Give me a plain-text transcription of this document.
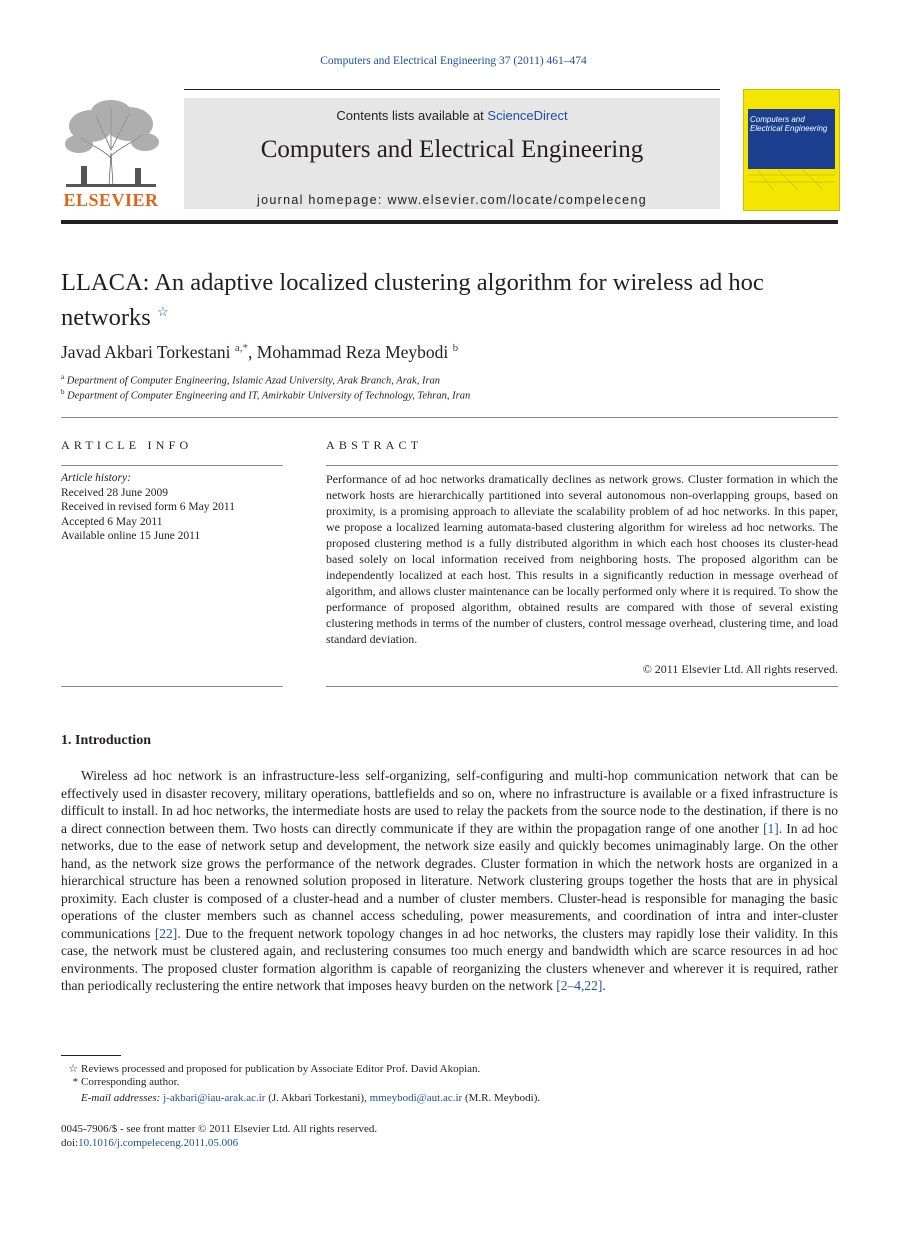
Computers and Electrical Engineering 37 (2011) 461–474
ELSEVIER
Contents lists available at ScienceDirect
Computers and Electrical Engineering
journal homepage: www.elsevier.com/locate/compeleceng
Computers and
Electrical Engineering
LLACA: An adaptive localized clustering algorithm for wireless ad hoc
networks ☆
Javad Akbari Torkestani $^{a,*}$, Mohammad Reza Meybodi $^b$
$^a$ Department of Computer Engineering, Islamic Azad University, Arak Branch, Arak, Iran
$^b$ Department of Computer Engineering and IT, Amirkabir University of Technology, Tehran, Iran
ARTICLE INFO
Article history:
Received 28 June 2009
Received in revised form 6 May 2011
Accepted 6 May 2011
Available online 15 June 2011
ABSTRACT
Performance of ad hoc networks dramatically declines as network grows. Cluster formation in which the network hosts are hierarchically partitioned into several autonomous non-overlapping groups, based on proximity, is a promising approach to alleviate the scalability problem of ad hoc networks. In this paper, we propose a localized learning automata-based clustering algorithm for wireless ad hoc networks. The proposed clustering method is a fully distributed algorithm in which each host chooses its cluster-head based solely on local information received from neighboring hosts. The proposed algorithm can be independently localized at each host. This results in a significantly reduction in message overhead of algorithm, and allows cluster maintenance can be locally performed only where it is required. To show the performance of proposed algorithm, obtained results are compared with those of several existing clustering methods in terms of the number of clusters, control message overhead, clustering time, and load standard deviation.
© 2011 Elsevier Ltd. All rights reserved.
1. Introduction
Wireless ad hoc network is an infrastructure-less self-organizing, self-configuring and multi-hop communication network that can be effectively used in disaster recovery, military operations, battlefields and so on, where no infrastructure is available or a fixed infrastructure is difficult to install. In ad hoc networks, the intermediate hosts are used to relay the packets from the source node to the destination, if there is no a direct connection between them. Two hosts can directly communicate if they are within the propagation range of one another [1]. In ad hoc networks, due to the ease of network setup and development, the network size easily and quickly becomes unimaginably large. On the other hand, as the network size grows the performance of the network degrades. Cluster formation in which the network hosts are organized in a hierarchical structure has been a renowned solution proposed in literature. Network clustering groups together the hosts that are in physical proximity. Each cluster is composed of a cluster-head and a number of cluster members. Cluster-head is responsible for managing the basic operations of the cluster members such as channel access scheduling, power measurements, and coordination of intra and inter-cluster communications [22]. Due to the frequent network topology changes in ad hoc networks, the clusters may rapidly lose their validity. In this case, the network must be clustered again, and reclustering consumes too much energy and bandwidth which are scarce resources in ad hoc environments. The proposed cluster formation algorithm is capable of reorganizing the clusters whenever and wherever it is required, rather than periodically reclustering the entire network that imposes heavy burden on the network [2–4,22].
☆ Reviews processed and proposed for publication by Associate Editor Prof. David Akopian.
* Corresponding author.
E-mail addresses: j-akbari@iau-arak.ac.ir (J. Akbari Torkestani), mmeybodi@aut.ac.ir (M.R. Meybodi).
0045-7906/$ - see front matter © 2011 Elsevier Ltd. All rights reserved.
doi:10.1016/j.compeleceng.2011.05.006
